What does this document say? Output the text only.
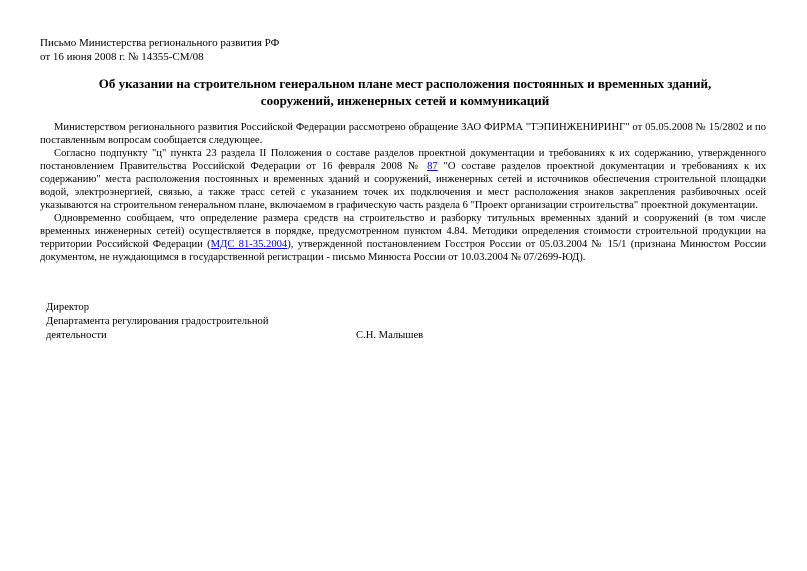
Письмо Министерства регионального развития РФ
от 16 июня 2008 г. № 14355-СМ/08
Об указании на строительном генеральном плане мест расположения постоянных и временных зданий,
сооружений, инженерных сетей и коммуникаций

Министерством регионального развития Российской Федерации рассмотрено обращение ЗАО ФИРМА "ТЭПИНЖЕНИРИНГ" от 05.05.2008 № 15/2802 и по поставленным вопросам сообщается следующее.

Согласно подпункту "ц" пункта 23 раздела II Положения о составе разделов проектной документации и требованиях к их содержанию, утвержденного постановлением Правительства Российской Федерации от 16 февраля 2008 № 87 "О составе разделов проектной документации и требованиях к их содержанию" места расположения постоянных и временных зданий и сооружений, инженерных сетей и источников обеспечения строительной площадки водой, электроэнергией, связью, а также трасс сетей с указанием точек их подключения и мест расположения знаков закрепления разбивочных осей указываются на строительном генеральном плане, включаемом в графическую часть раздела 6 "Проект организации строительства" проектной документации.

Одновременно сообщаем, что определение размера средств на строительство и разборку титульных временных зданий и сооружений (в том числе временных инженерных сетей) осуществляется в порядке, предусмотренном пунктом 4.84. Методики определения стоимости строительной продукции на территории Российской Федерации (МДС 81-35.2004), утвержденной постановлением Госстроя России от 05.03.2004 № 15/1 (признана Минюстом России документом, не нуждающимся в государственной регистрации - письмо Минюста России от 10.03.2004 № 07/2699-ЮД).

Директор
Департамента регулирования градостроительной
деятельности	С.Н. Малышев
